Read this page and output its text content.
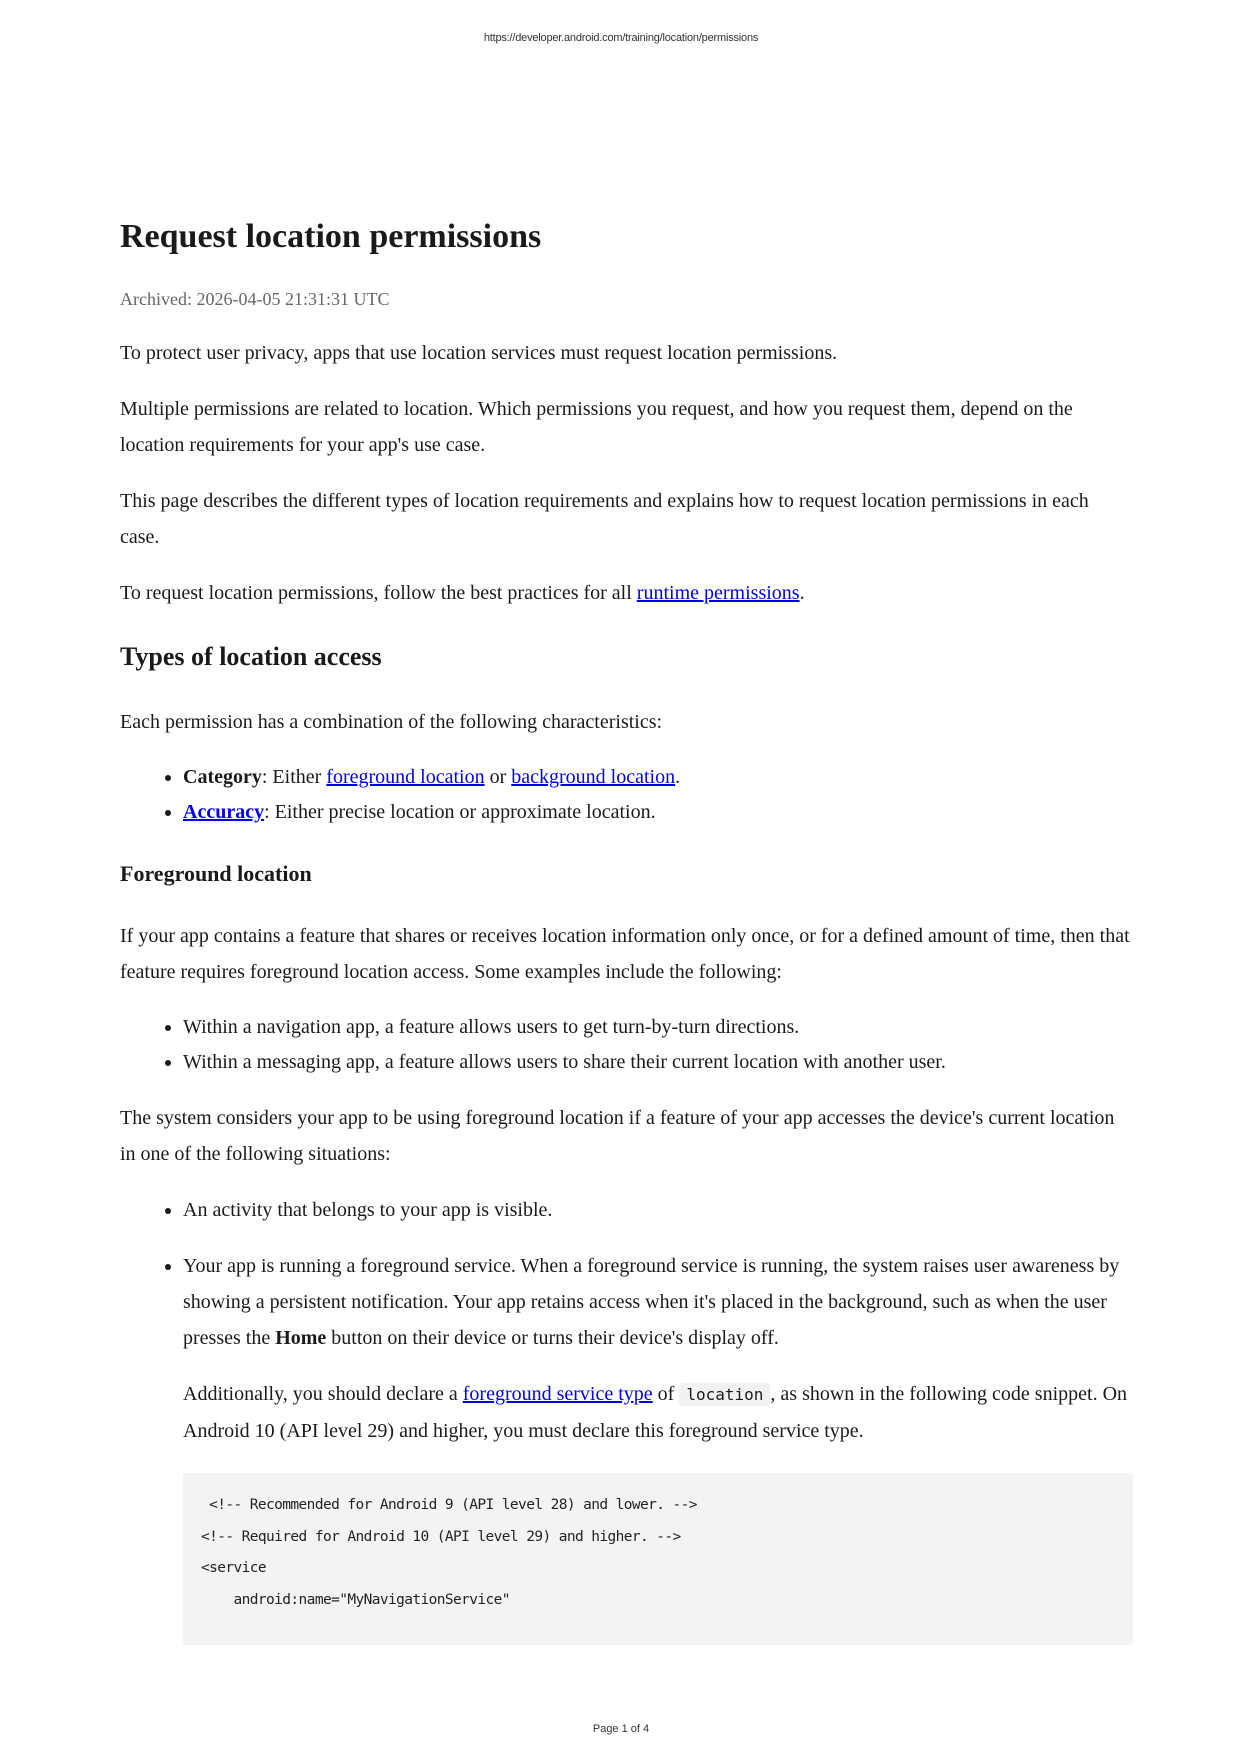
https://developer.android.com/training/location/permissions
Request location permissions
Archived: 2026-04-05 21:31:31 UTC

To protect user privacy, apps that use location services must request location permissions.

Multiple permissions are related to location. Which permissions you request, and how you request them, depend on the location requirements for your app's use case.

This page describes the different types of location requirements and explains how to request location permissions in each case.

To request location permissions, follow the best practices for all runtime permissions.

Types of location access

Each permission has a combination of the following characteristics:

• Category: Either foreground location or background location.
• Accuracy: Either precise location or approximate location.
Foreground location

If your app contains a feature that shares or receives location information only once, or for a defined amount of time, then that feature requires foreground location access. Some examples include the following:

• Within a navigation app, a feature allows users to get turn-by-turn directions.
• Within a messaging app, a feature allows users to share their current location with another user.

The system considers your app to be using foreground location if a feature of your app accesses the device's current location in one of the following situations:

• An activity that belongs to your app is visible.
• Your app is running a foreground service. When a foreground service is running, the system raises user awareness by showing a persistent notification. Your app retains access when it's placed in the background, such as when the user presses the Home button on their device or turns their device's display off.

Additionally, you should declare a foreground service type of location , as shown in the following code snippet. On Android 10 (API level 29) and higher, you must declare this foreground service type.

<!-- Recommended for Android 9 (API level 28) and lower. -->
<!-- Required for Android 10 (API level 29) and higher. -->
<service
android:name="MyNavigationService"
Page 1 of 4
